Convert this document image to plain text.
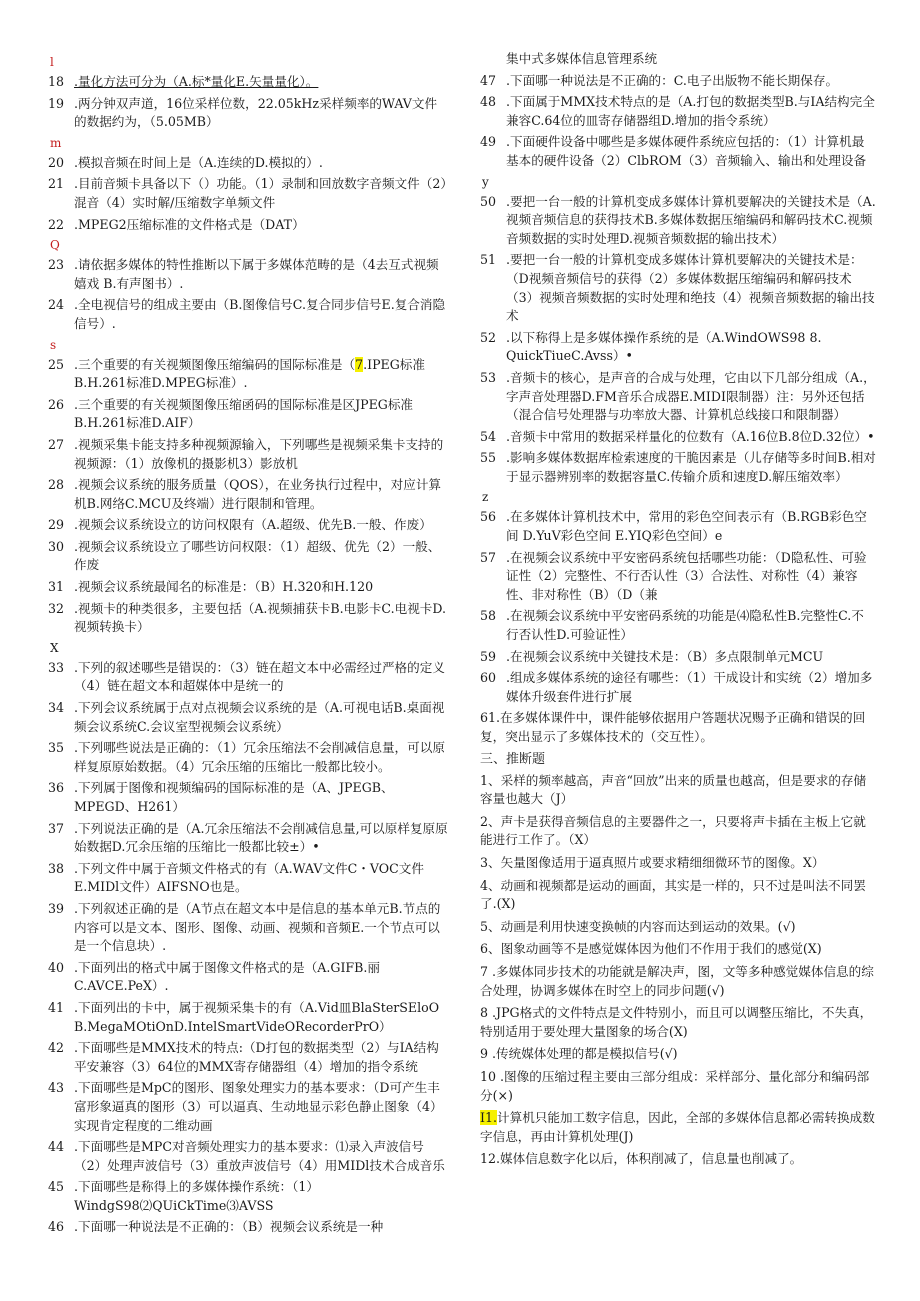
l
18 .量化方法可分为（A.标*量化E.矢量量化）。
19 .两分钟双声道，16位采样位数，22.05kHz采样频率的WAV文件的数据约为，（5.05MB）
m
20 .模拟音频在时间上是（A.连续的D.模拟的）.
21 .目前音频卡具备以下（）功能。（1）录制和回放数字音频文件（2）混音（4）实时解/压缩数字单频文件
22 .MPEG2压缩标准的文件格式是（DAT）
Q
23 .请依据多媒体的特性推断以下属于多媒体范畴的是（4去互式视频嬉戏 B.有声图书）.
24 .全电视信号的组成主要由（B.图像信号C.复合同步信号E.复合消隐信号）.
s
25 .三个重要的有关视频图像压缩编码的国际标准是（7.IPEG标准B.H.261标准D.MPEG标准）.
26 .三个重要的有关视频图像压缩函码的国际标准是区JPEG标准B.H.261标准D.AIF）
27 .视频采集卡能支持多种视频源输入，下列哪些是视频采集卡支持的视频源：（1）放像机的摄影机3）影放机
28 .视频会议系统的服务质量（QOS），在业务执行过程中，对应计算机B.网络C.MCU及终端）进行限制和管理。
29 .视频会议系统设立的访问权限有（A.超级、优先B.一般、作废）
30 .视频会议系统设立了哪些访问权限：（1）超级、优先（2）一般、作废
31 .视频会议系统最闻名的标准是：（B）H.320和H.120
32 .视频卡的种类很多，主要包括（A.视频捕获卡B.电影卡C.电视卡D.视频转换卡）
X
33 .下列的叙述哪些是错误的：（3）链在超文本中必需经过严格的定义（4）链在超文本和超媒体中是统一的
34 .下列会议系统属于点对点视频会议系统的是（A.可视电话B.桌面视频会议系统C.会议室型视频会议系统）
35 .下列哪些说法是正确的：（1）冗余压缩法不会削减信息量，可以原样复原原始数据。（4）冗余压缩的压缩比一般都比较小。
36 .下列属于图像和视频编码的国际标准的是（A、JPEGB、MPEGD、H261）
37 .下列说法正确的是（A.冗余压缩法不会削减信息量,可以原样复原原始数据D.冗余压缩的压缩比一般都比较±）•
38 .下列文件中属于音频文件格式的有（A.WAV文件C・VOC文件E.MIDl文件）AIFSNO也是。
39 .下列叙述正确的是（A节点在超文本中是信息的基本单元B.节点的内容可以是文本、图形、图像、动画、视频和音频E.一个节点可以是一个信息块）.
40 .下面列出的格式中属于图像文件格式的是（A.GIFB.丽C.AVCE.PeX）.
41 .下面列出的卡中，属于视频采集卡的有（A.Vid皿BlaSterSEloOB.MegaMOtiOnD.IntelSmartVideORecorderPrO）
42 .下面哪些是MMX技术的特点:（D打包的数据类型（2）与IA结构平安兼容（3）64位的MMX寄存储器组（4）增加的指令系统
43 .下面哪些是MpC的图形、图象处理实力的基本要求：（D可产生丰富形象逼真的图形（3）可以逼真、生动地显示彩色静止图象（4）实现肯定程度的二维动画
44 .下面哪些是MPC对音频处理实力的基本要求：⑴录入声波信号（2）处理声波信号（3）重放声波信号（4）用MIDl技术合成音乐
45 .下面哪些是称得上的多媒体操作系统：（1）WindgS98⑵QUiCkTime⑶AVSS
46 .下面哪一种说法是不正确的：（B）视频会议系统是一种
集中式多媒体信息管理系统
47 .下面哪一种说法是不正确的：C.电子出版物不能长期保存。
48 .下面属于MMX技术特点的是（A.打包的数据类型B.与IA结构完全兼容C.64位的皿寄存储器组D.增加的指令系统）
49 .下面硬件设备中哪些是多媒体硬件系统应包括的：（1）计算机最基本的硬件设备（2）ClbROM（3）音频输入、输出和处理设备
y
50 .要把一台一般的计算机变成多媒体计算机要解决的关键技术是（A.视频音频信息的获得技术B.多媒体数据压缩编码和解码技术C.视频音频数据的实时处理D.视频音频数据的输出技术）
51 .要把一台一般的计算机变成多媒体计算机要解决的关键技术是：（D视频音频信号的获得（2）多媒体数据压缩编码和解码技术（3）视频音频数据的实时处理和绝技（4）视频音频数据的输出技术
52 .以下称得上是多媒体操作系统的是（A.WindOWS98 8. QuickTiueC.Avss）•
53 .音频卡的核心，是声音的合成与处理，它由以下几部分组成（A.，字声音处理器D.FM音乐合成器E.MIDI限制器）注：另外还包括（混合信号处理器与功率放大器、计算机总线接口和限制器）
54 .音频卡中常用的数据采样量化的位数有（A.16位B.8位D.32位）•
55 .影响多媒体数据库检索速度的干脆因素是（儿存储等多时间B.相对于显示器辨别率的数据容量C.传输介质和速度D.解压缩效率）
z
56 .在多媒体计算机技术中，常用的彩色空间表示有（B.RGB彩色空间 D.YuV彩色空间 E.YIQ彩色空间）e
57 .在视频会议系统中平安密码系统包括哪些功能：（D隐私性、可验证性（2）完整性、不行否认性（3）合法性、对称性（4）兼容性、非对称性（B）（D（兼
58 .在视频会议系统中平安密码系统的功能是⑷隐私性B.完整性C.不行否认性D.可验证性）
59 .在视频会议系统中关键技术是：（B）多点限制单元MCU
60 .组成多媒体系统的途径有哪些：（1）干成设计和实统（2）增加多媒体升级套件进行扩展
61.在多媒体课件中，课件能够依据用户答题状况赐予正确和错误的回复，突出显示了多媒体技术的（交互性）。
三、推断题
1、采样的频率越高，声音“回放”出来的质量也越高，但是要求的存储容量也越大（J）
2、声卡是获得音频信息的主要器件之一，只要将声卡插在主板上它就能进行工作了。（X）
3、矢量图像适用于逼真照片或要求精细细微环节的图像。X）
4、动画和视频都是运动的画面，其实是一样的，只不过是叫法不同罢了.(X)
5、动画是利用快速变换帧的内容而达到运动的效果。(√)
6、图象动画等不是感觉媒体因为他们不作用于我们的感觉(X)
7 .多媒体同步技术的功能就是解决声，图，文等多种感觉媒体信息的综合处理，协调多媒体在时空上的同步问题(√)
8 .JPG格式的文件特点是文件特别小，而且可以调整压缩比，不失真，特别适用于要处理大量图象的场合(X)
9 .传统媒体处理的都是模拟信号(√)
10 .图像的压缩过程主要由三部分组成：采样部分、量化部分和编码部分(×)
I1.计算机只能加工数字信息，因此，全部的多媒体信息都必需转换成数字信息，再由计算机处理(J)
12.媒体信息数字化以后，体积削减了，信息量也削减了。
